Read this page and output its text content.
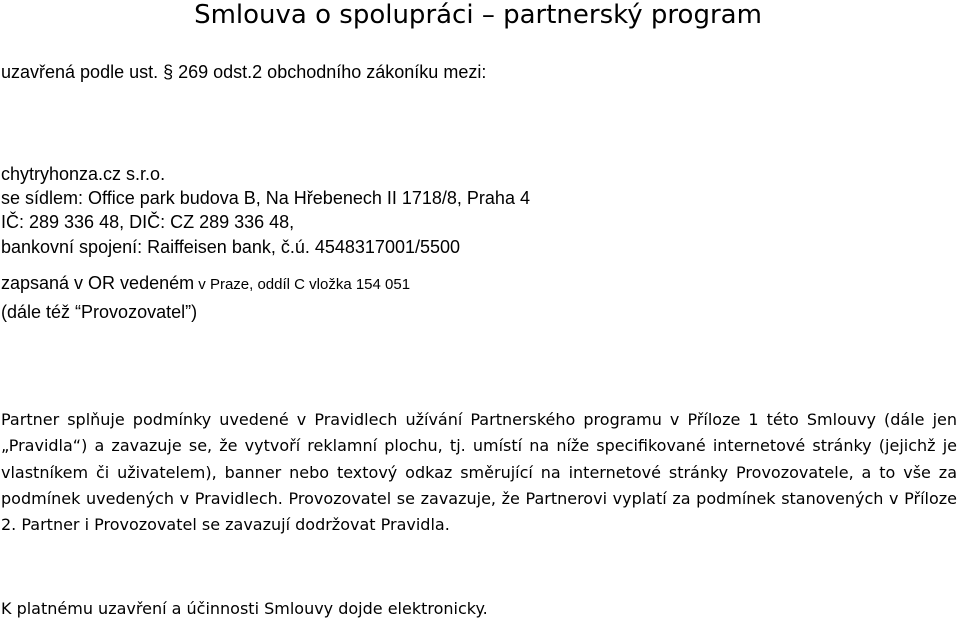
Smlouva o spolupráci – partnerský program
uzavřená podle ust. § 269 odst.2 obchodního zákoníku mezi:
chytryhonza.cz s.r.o.
se sídlem: Office park budova B, Na Hřebenech II 1718/8, Praha 4
IČ: 289 336 48, DIČ: CZ 289 336 48,
bankovní spojení: Raiffeisen bank, č.ú. 4548317001/5500
zapsaná v OR vedeném v Praze, oddíl C vložka 154 051
(dále též “Provozovatel”)

Partner splňuje podmínky uvedené v Pravidlech užívání Partnerského programu v Příloze 1 této Smlouvy (dále jen „Pravidla“) a zavazuje se, že vytvoří reklamní plochu, tj. umístí na níže specifikované internetové stránky (jejichž je vlastníkem či uživatelem), banner nebo textový odkaz směrující na internetové stránky Provozovatele, a to vše za podmínek uvedených v Pravidlech. Provozovatel se zavazuje, že Partnerovi vyplatí za podmínek stanovených v Příloze 2. Partner i Provozovatel se zavazují dodržovat Pravidla.

K platnému uzavření a účinnosti Smlouvy dojde elektronicky.
